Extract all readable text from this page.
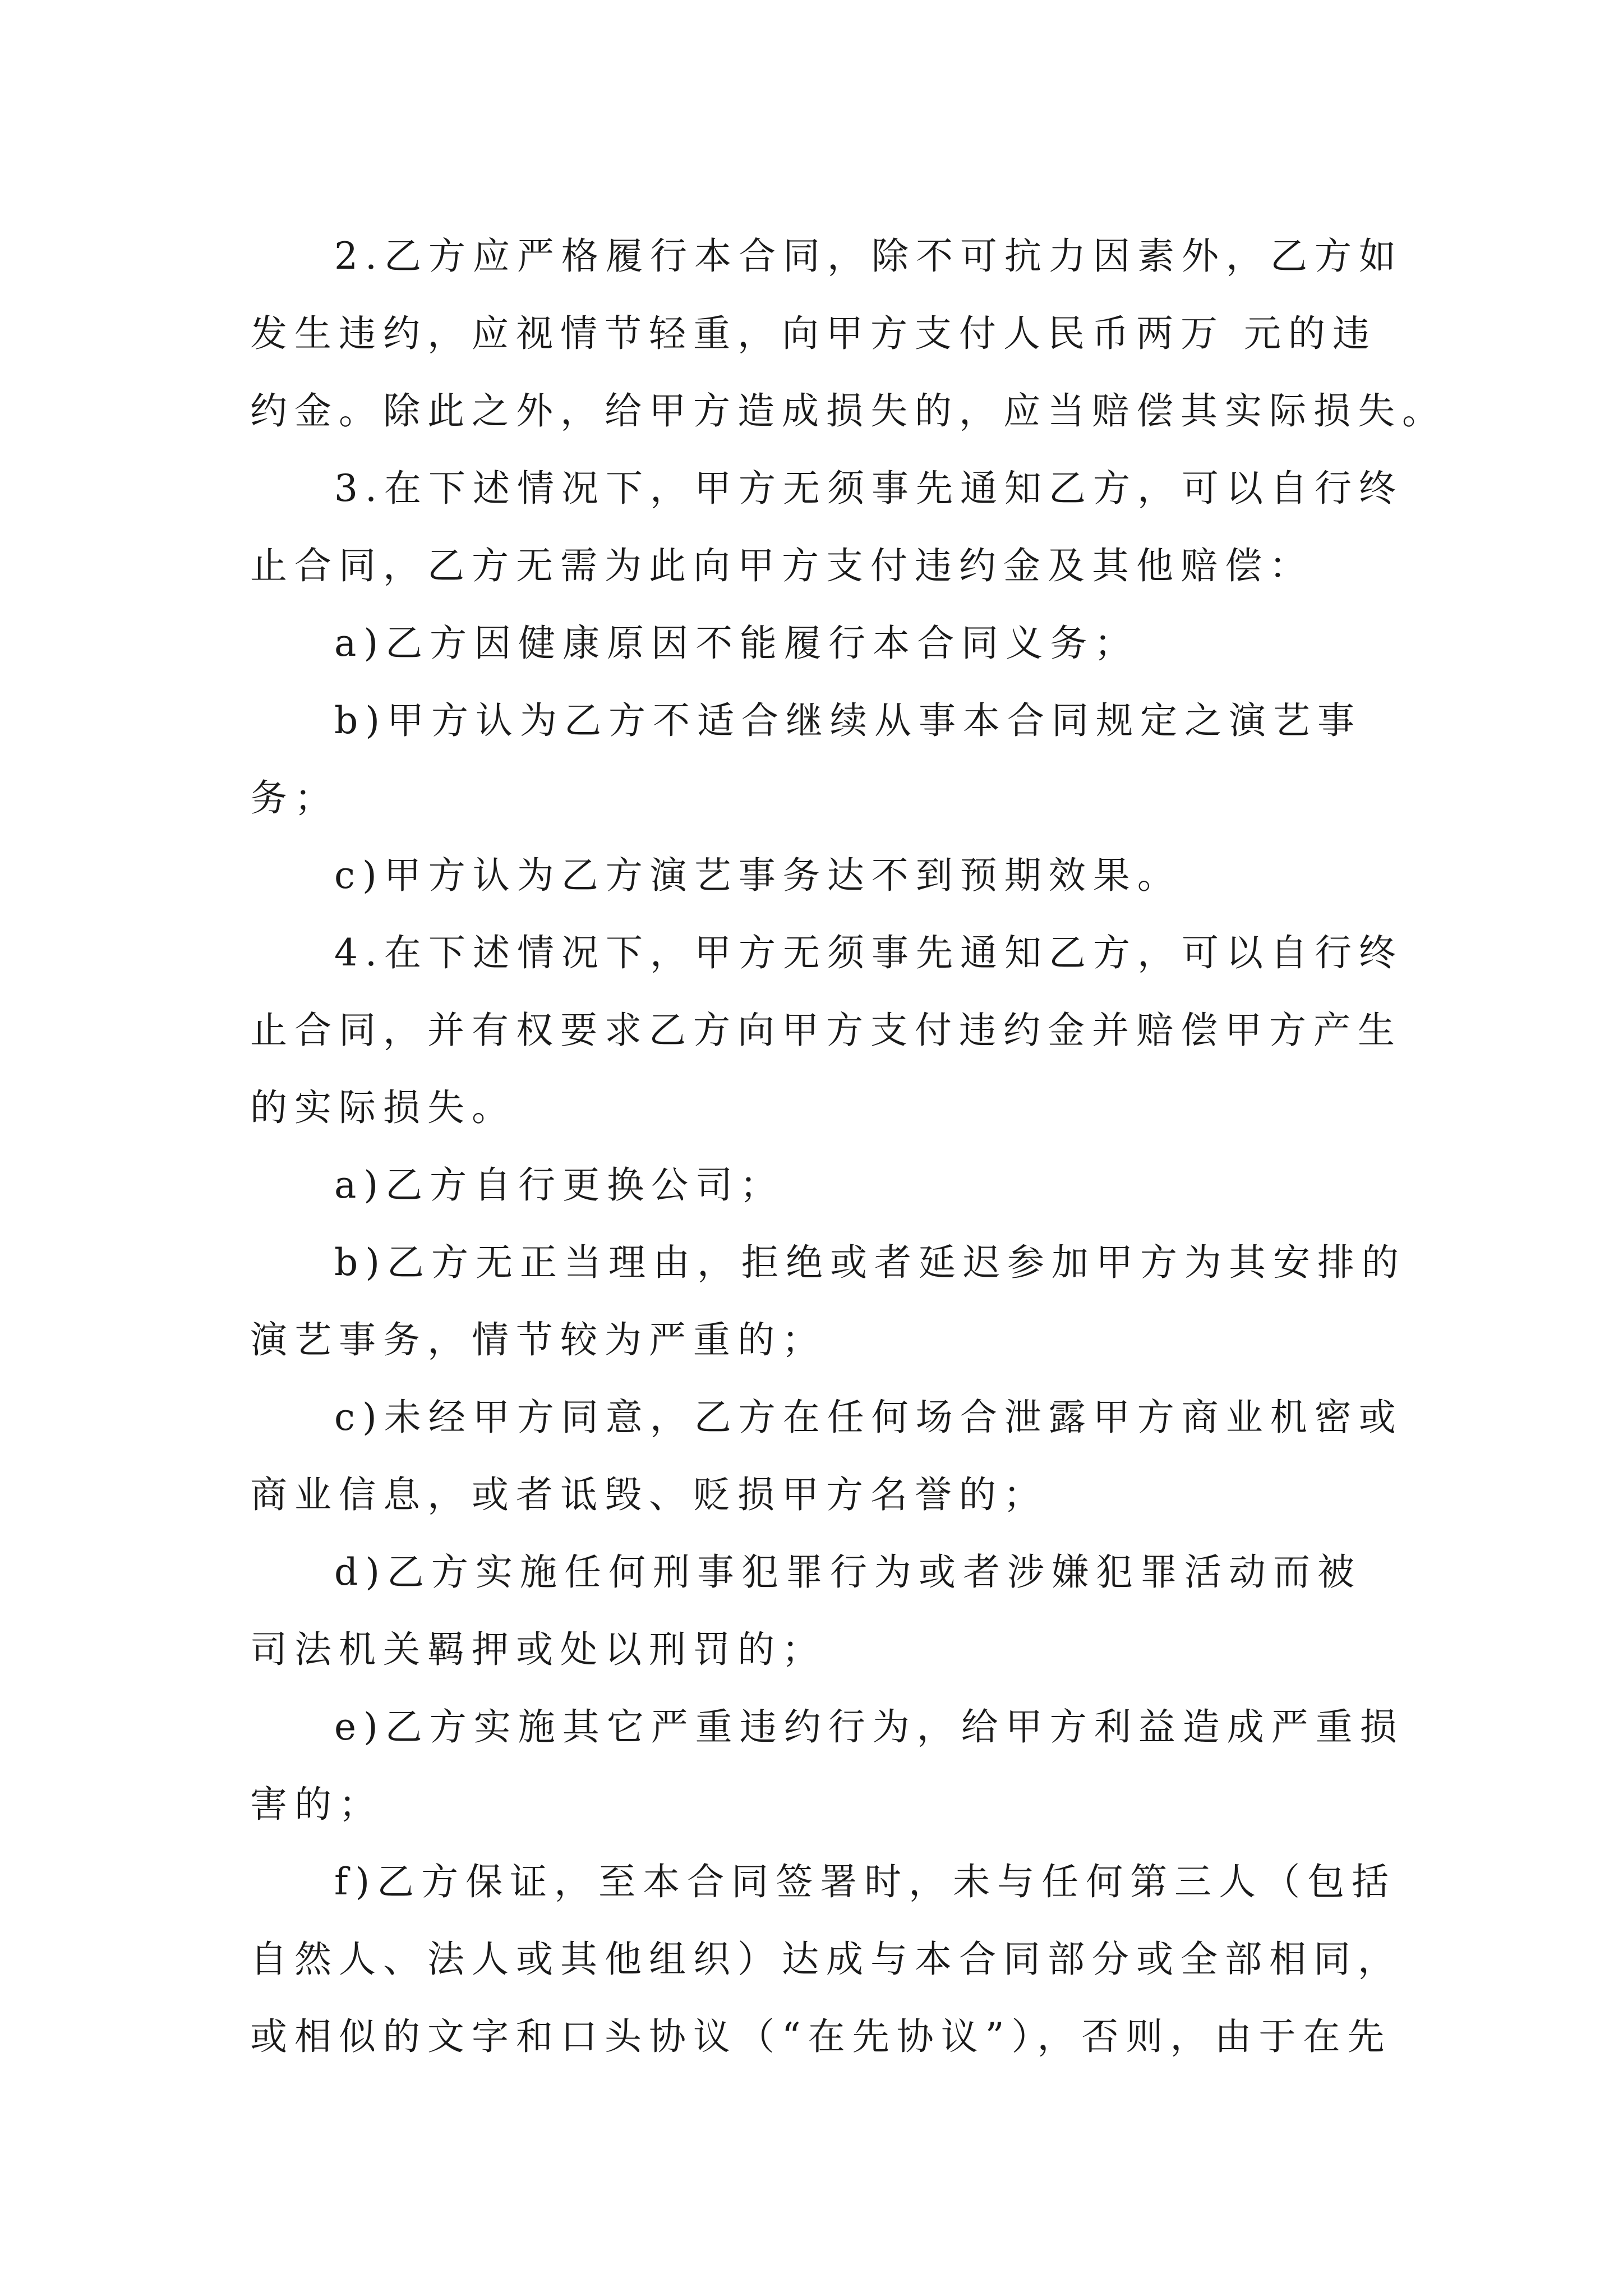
2.乙方应严格履行本合同，除不可抗力因素外，乙方如
发生违约，应视情节轻重，向甲方支付人民币两万 元的违
约金。除此之外，给甲方造成损失的，应当赔偿其实际损失。
3.在下述情况下，甲方无须事先通知乙方，可以自行终
止合同，乙方无需为此向甲方支付违约金及其他赔偿：
a)乙方因健康原因不能履行本合同义务；
b)甲方认为乙方不适合继续从事本合同规定之演艺事
务；
c)甲方认为乙方演艺事务达不到预期效果。
4.在下述情况下，甲方无须事先通知乙方，可以自行终
止合同，并有权要求乙方向甲方支付违约金并赔偿甲方产生
的实际损失。
a)乙方自行更换公司；
b)乙方无正当理由，拒绝或者延迟参加甲方为其安排的
演艺事务，情节较为严重的；
c)未经甲方同意，乙方在任何场合泄露甲方商业机密或
商业信息，或者诋毁、贬损甲方名誉的；
d)乙方实施任何刑事犯罪行为或者涉嫌犯罪活动而被
司法机关羁押或处以刑罚的；
e)乙方实施其它严重违约行为，给甲方利益造成严重损
害的；
f)乙方保证，至本合同签署时，未与任何第三人（包括
自然人、法人或其他组织）达成与本合同部分或全部相同，
或相似的文字和口头协议（“在先协议”），否则，由于在先
